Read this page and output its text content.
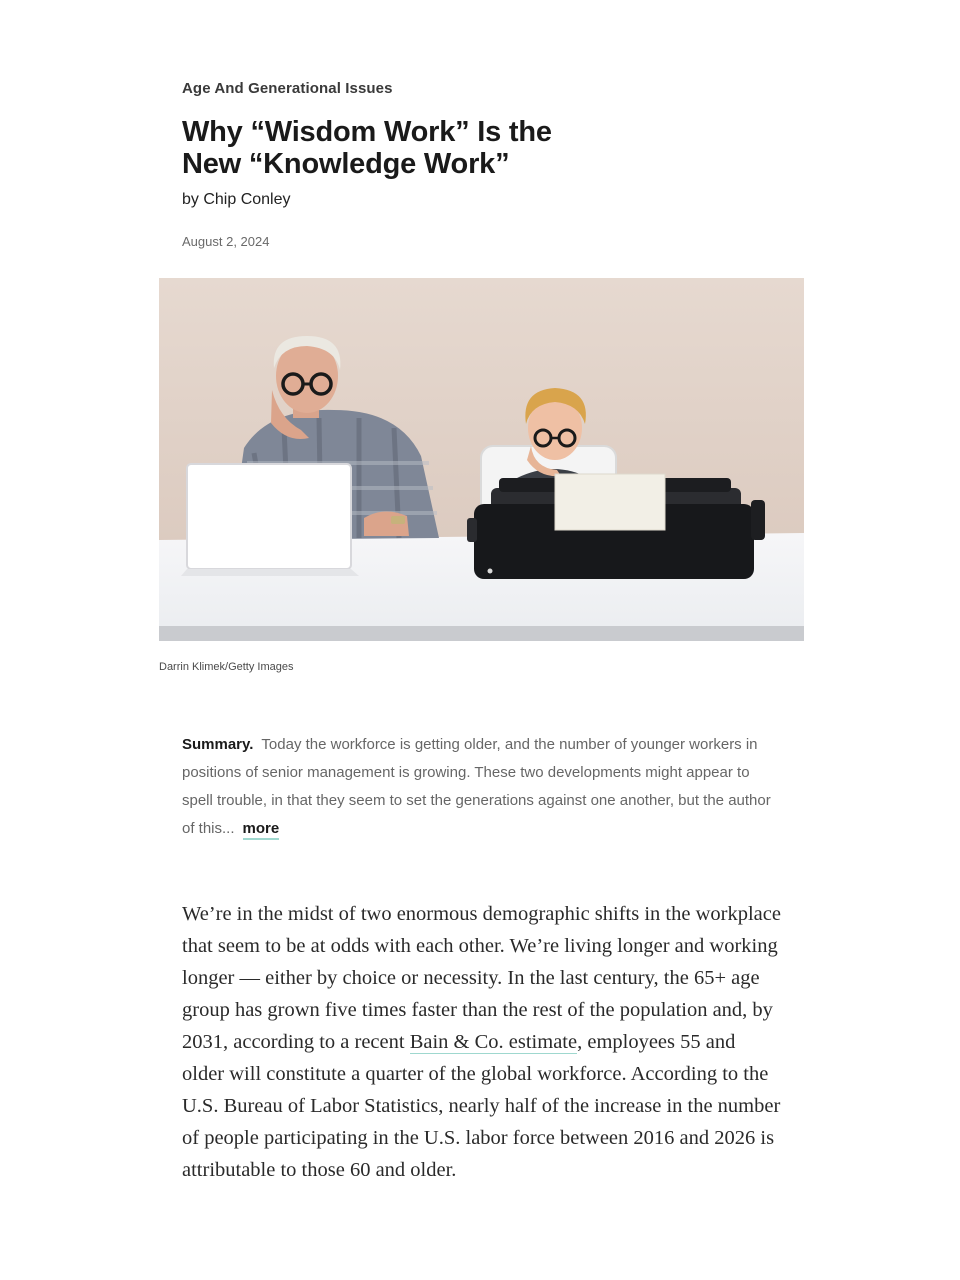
Age And Generational Issues
Why “Wisdom Work” Is the
New “Knowledge Work”
by Chip Conley
August 2, 2024
Darrin Klimek/Getty Images
Summary. Today the workforce is getting older, and the number of younger workers in positions of senior management is growing. These two developments might appear to spell trouble, in that they seem to set the generations against one another, but the author of this... more

We’re in the midst of two enormous demographic shifts in the workplace that seem to be at odds with each other. We’re living longer and working longer — either by choice or necessity. In the last century, the 65+ age group has grown five times faster than the rest of the population and, by 2031, according to a recent Bain & Co. estimate, employees 55 and older will constitute a quarter of the global workforce. According to the U.S. Bureau of Labor Statistics, nearly half of the increase in the number of people participating in the U.S. labor force between 2016 and 2026 is attributable to those 60 and older.
